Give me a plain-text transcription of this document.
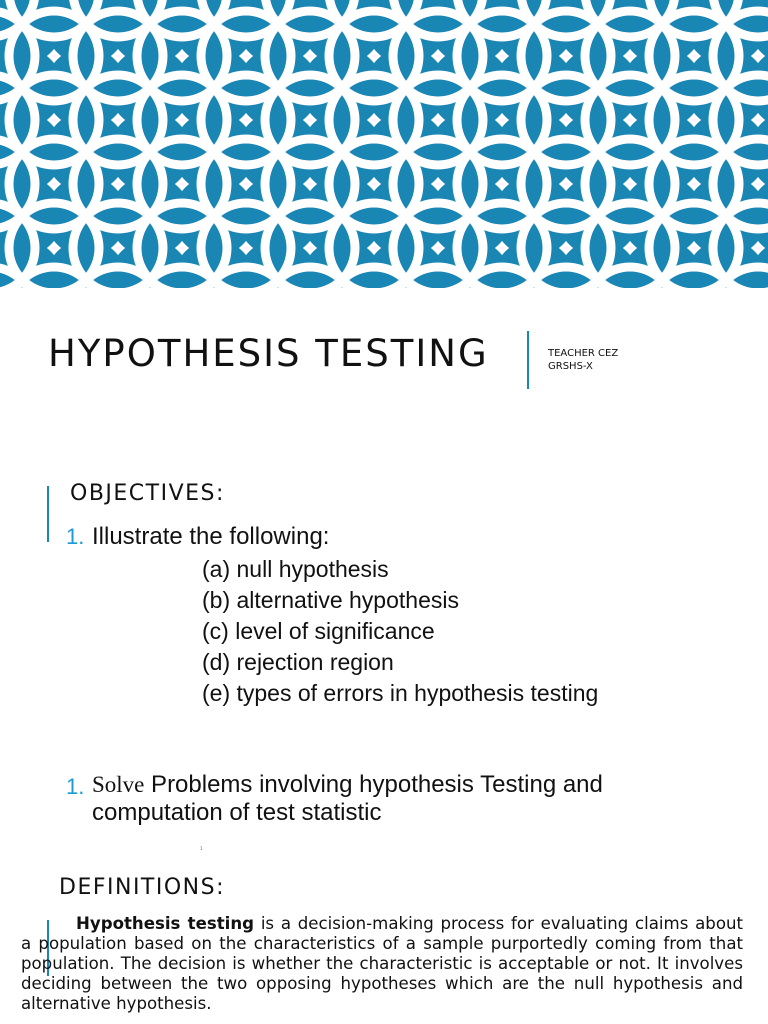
HYPOTHESIS TESTING	TEACHER CEZ
GRSHS-X
OBJECTIVES:
1. Illustrate the following:
(a) null hypothesis
(b) alternative hypothesis
(c) level of significance
(d) rejection region
(e) types of errors in hypothesis testing
1. Solve Problems involving hypothesis Testing and computation of test statistic
1
DEFINITIONS:

Hypothesis testing is a decision-making process for evaluating claims about a population based on the characteristics of a sample purportedly coming from that population. The decision is whether the characteristic is acceptable or not. It involves deciding between the two opposing hypotheses which are the null hypothesis and alternative hypothesis.
